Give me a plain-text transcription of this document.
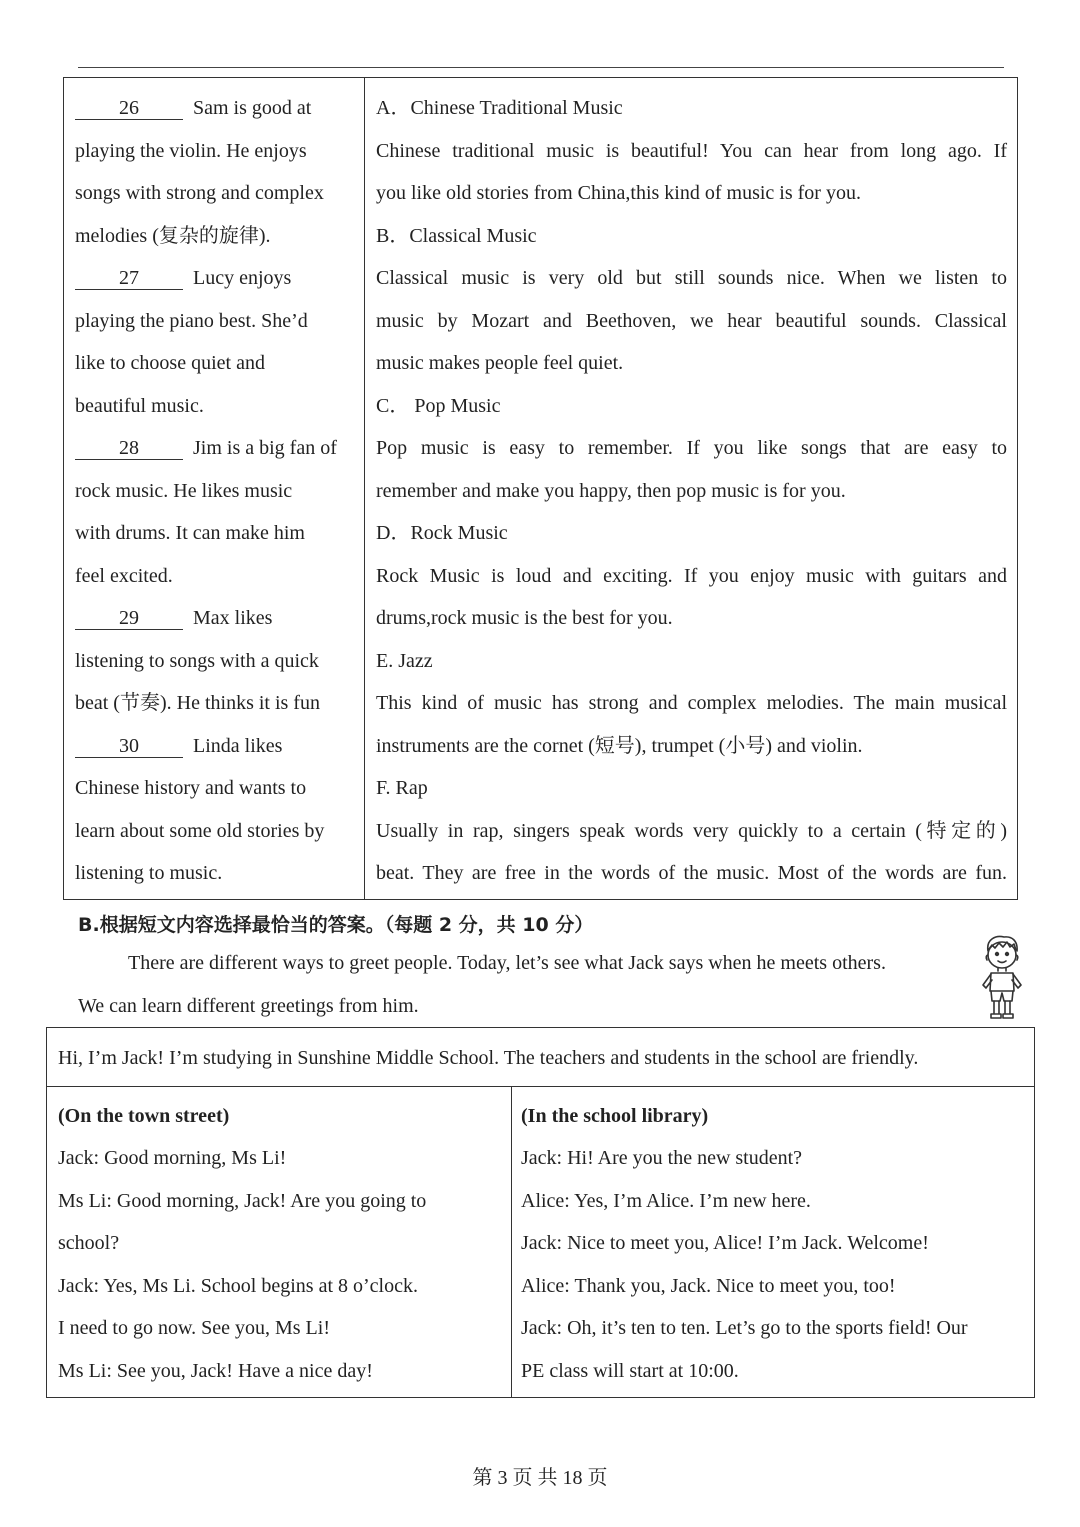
26	Sam is good at
playing the violin. He enjoys
songs with strong and complex
melodies (复杂的旋律).
27	Lucy enjoys
playing the piano best. She’d
like to choose quiet and
beautiful music.
28	Jim is a big fan of
rock music. He likes music
with drums. It can make him
feel excited.
29	Max likes
listening to songs with a quick
beat (节奏). He thinks it is fun
30	Linda likes
Chinese history and wants to
learn about some old stories by
listening to music.
A．Chinese Traditional Music
Chinese traditional music is beautiful! You can hear from long ago. If
you like old stories from China,this kind of music is for you.
B．Classical Music
Classical music is very old but still sounds nice. When we listen to
music by Mozart and Beethoven, we hear beautiful sounds. Classical
music makes people feel quiet.
C． Pop Music
Pop music is easy to remember. If you like songs that are easy to
remember and make you happy, then pop music is for you.
D．Rock Music
Rock Music is loud and exciting. If you enjoy music with guitars and
drums,rock music is the best for you.
E. Jazz
This kind of music has strong and complex melodies. The main musical
instruments are the cornet (短号), trumpet (小号) and violin.
F. Rap
Usually in rap, singers speak words very quickly to a certain (特定的)
beat. They are free in the words of the music. Most of the words are fun.
B.根据短文内容选择最恰当的答案。（每题 2 分，共 10 分）
There are different ways to greet people. Today, let’s see what Jack says when he meets others.
We can learn different greetings from him.
Hi, I’m Jack! I’m studying in Sunshine Middle School. The teachers and students in the school are friendly.
(On the town street)
Jack: Good morning, Ms Li!
Ms Li: Good morning, Jack! Are you going to
school?
Jack: Yes, Ms Li. School begins at 8 o’clock.
I need to go now. See you, Ms Li!
Ms Li: See you, Jack! Have a nice day!
(In the school library)
Jack: Hi! Are you the new student?
Alice: Yes, I’m Alice. I’m new here.
Jack: Nice to meet you, Alice! I’m Jack. Welcome!
Alice: Thank you, Jack. Nice to meet you, too!
Jack: Oh, it’s ten to ten. Let’s go to the sports field! Our
PE class will start at 10:00.
第 3 页 共 18 页
